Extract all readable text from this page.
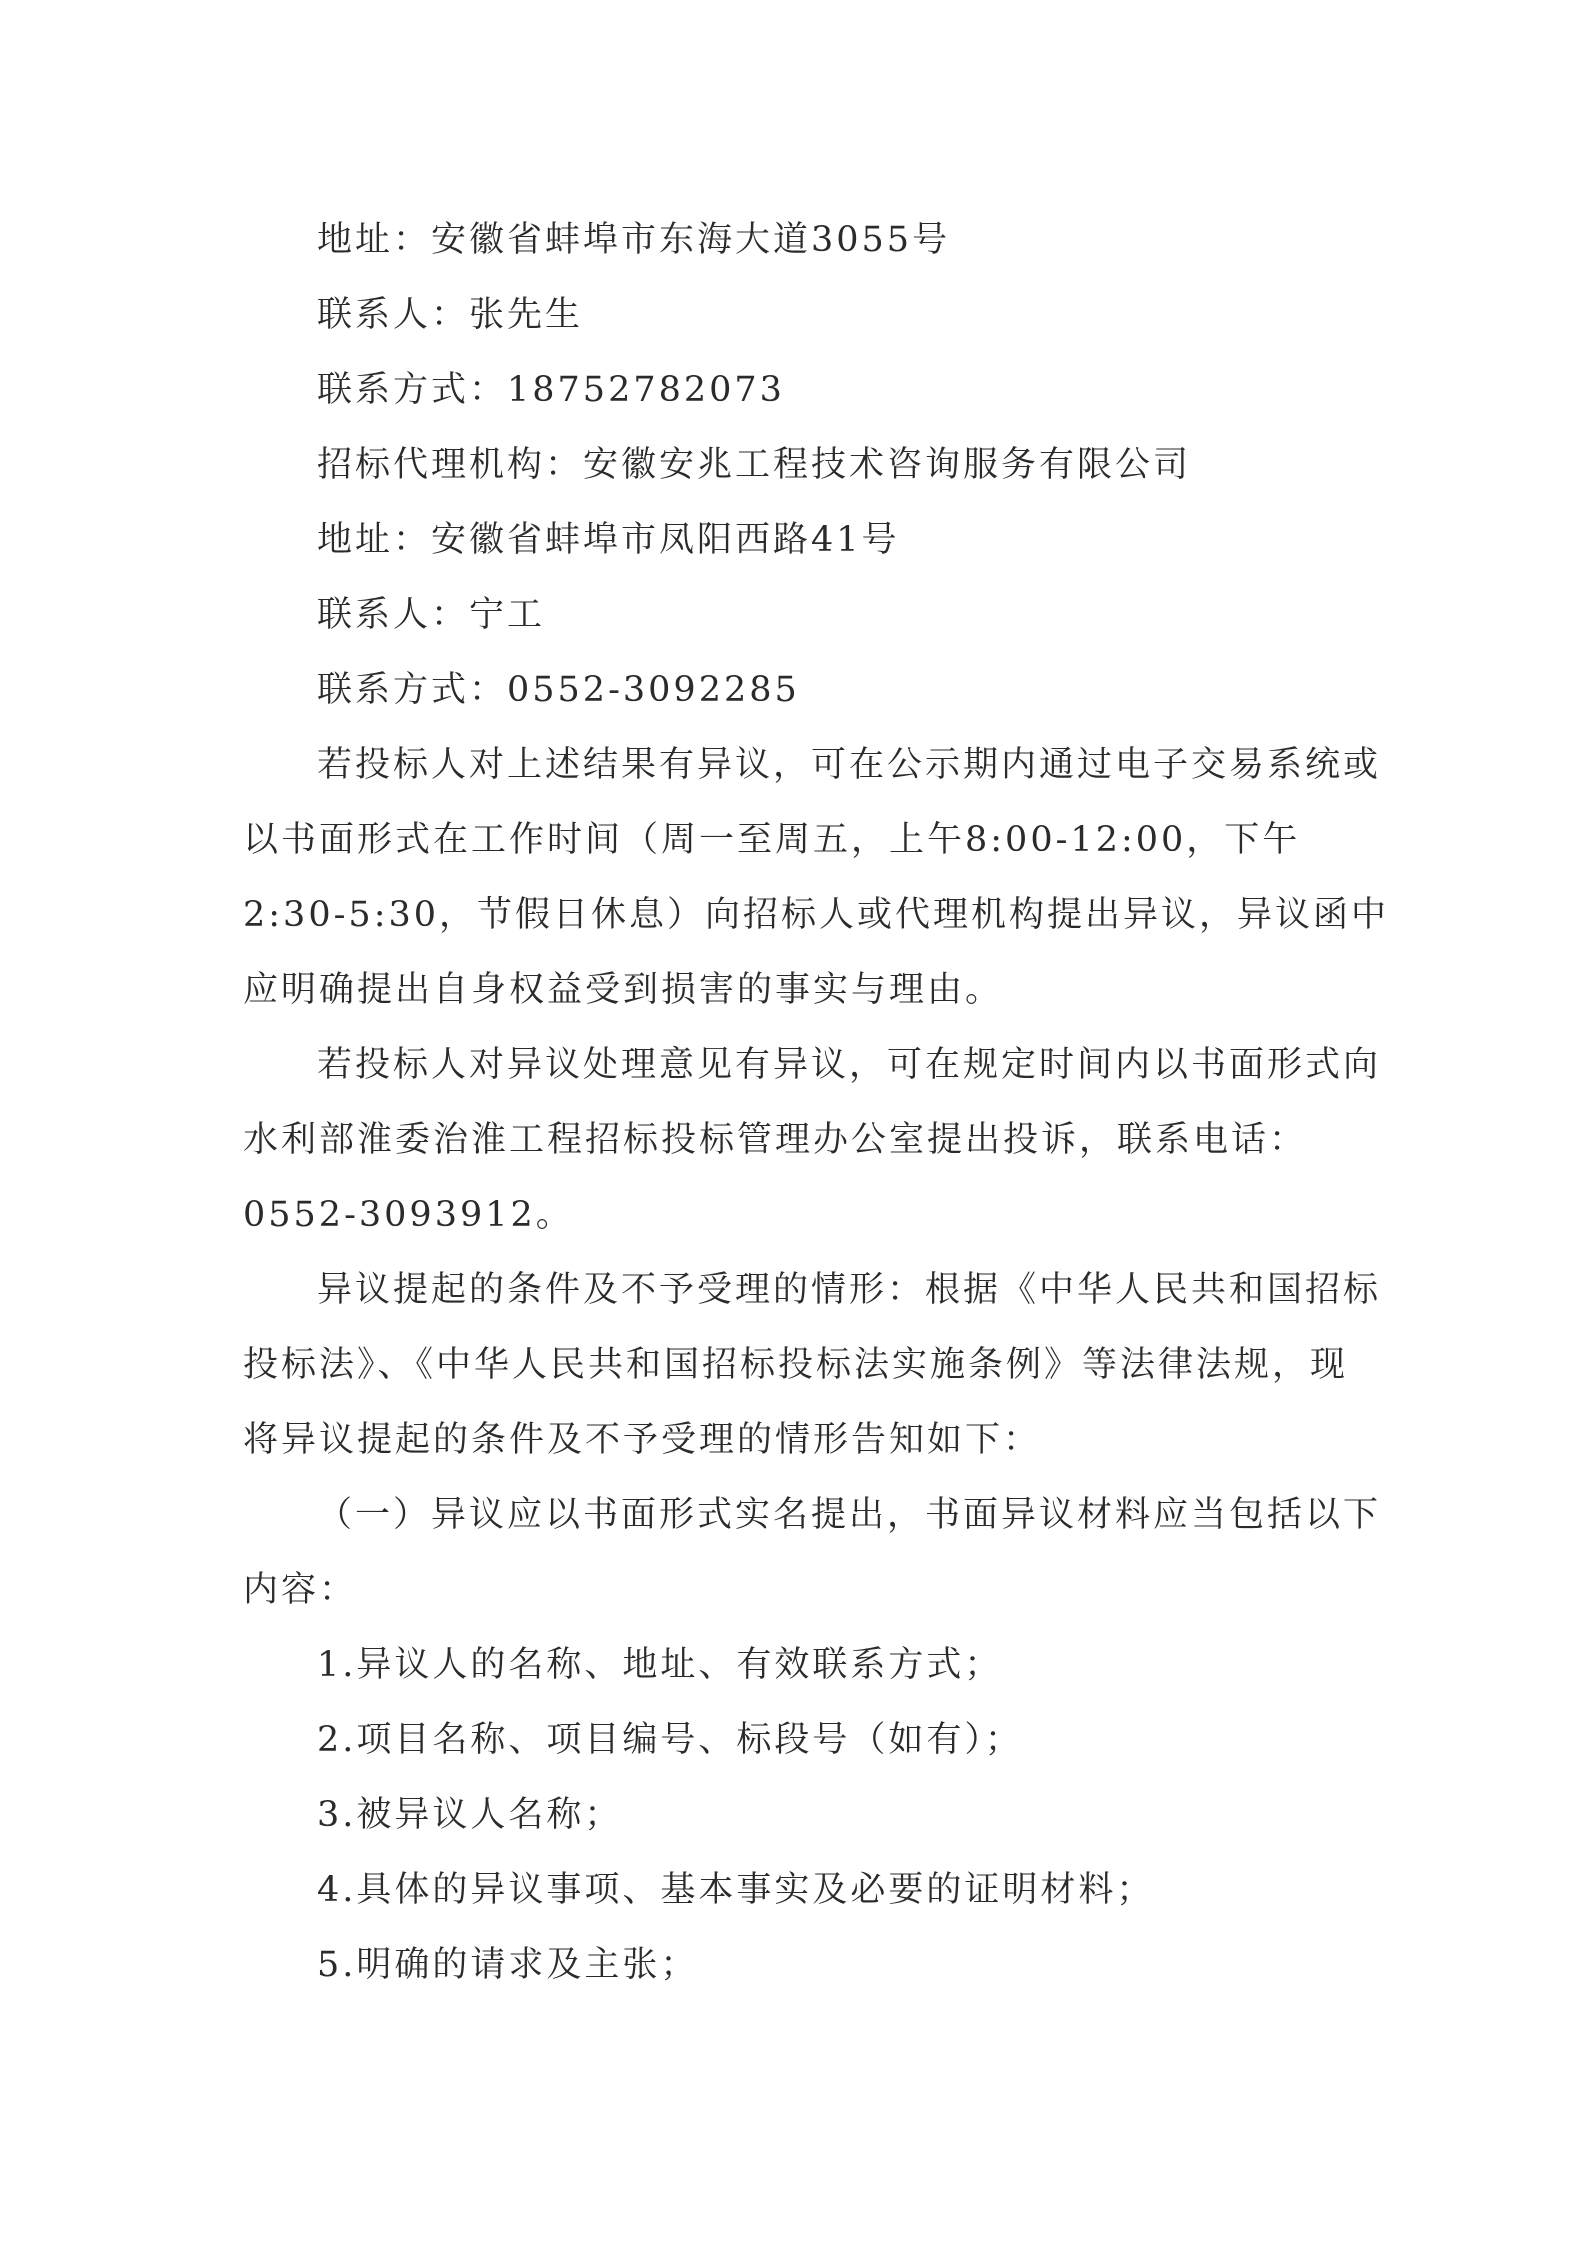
地址：安徽省蚌埠市东海大道3055号
联系人：张先生
联系方式：18752782073
招标代理机构：安徽安兆工程技术咨询服务有限公司
地址：安徽省蚌埠市凤阳西路41号
联系人：宁工
联系方式：0552-3092285
若投标人对上述结果有异议，可在公示期内通过电子交易系统或
以书面形式在工作时间（周一至周五，上午8:00-12:00，下午
2:30-5:30，节假日休息）向招标人或代理机构提出异议，异议函中
应明确提出自身权益受到损害的事实与理由。
若投标人对异议处理意见有异议，可在规定时间内以书面形式向
水利部淮委治淮工程招标投标管理办公室提出投诉，联系电话：
0552-3093912。
异议提起的条件及不予受理的情形：根据《中华人民共和国招标
投标法》、《中华人民共和国招标投标法实施条例》等法律法规，现
将异议提起的条件及不予受理的情形告知如下：
（一）异议应以书面形式实名提出，书面异议材料应当包括以下
内容：
1.异议人的名称、地址、有效联系方式；
2.项目名称、项目编号、标段号（如有）；
3.被异议人名称；
4.具体的异议事项、基本事实及必要的证明材料；
5.明确的请求及主张；
